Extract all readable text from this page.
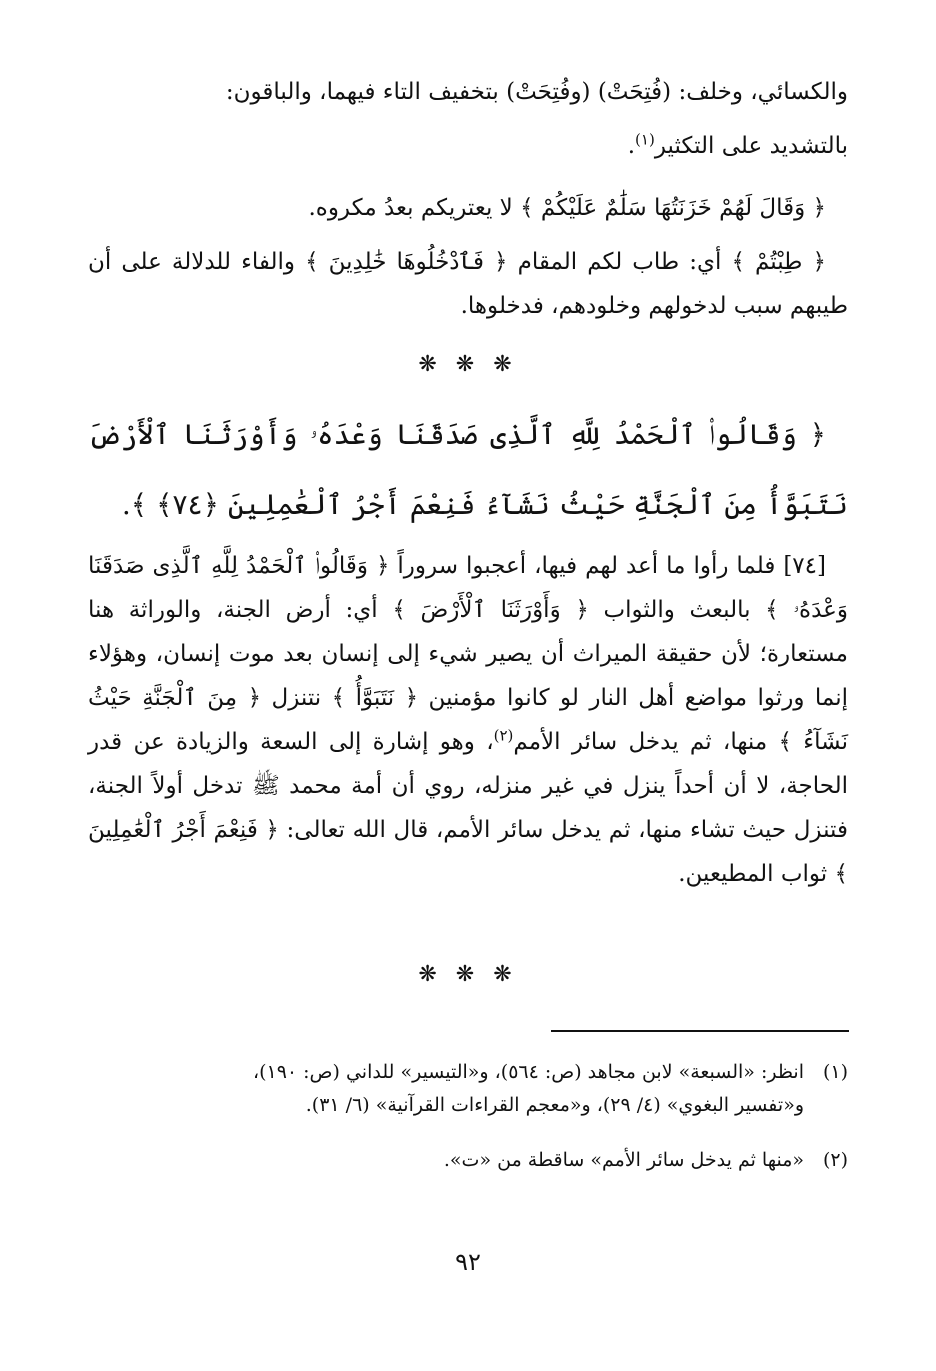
والكسائي، وخلف: (فُتِحَتْ) (وفُتِحَتْ) بتخفيف التاء فيهما، والباقون:
بالتشديد على التكثير$^{(١)}$.

﴿ وَقَالَ لَهُمْ خَزَنَتُهَا سَلَٰمٌ عَلَيْكُمْ ﴾ لا يعتريكم بعدُ مكروه.

﴿ طِبْتُمْ ﴾ أي: طاب لكم المقام ﴿ فَٱدْخُلُوهَا خَٰلِدِينَ ﴾ والفاء للدلالة على أن طيبهم سبب لدخولهم وخلودهم، فدخلوها.

❋ ❋ ❋

﴿ وَقَالُوا۟ ٱلْحَمْدُ لِلَّهِ ٱلَّذِى صَدَقَنَا وَعْدَهُۥ وَأَوْرَثَنَا ٱلْأَرْضَ نَتَبَوَّأُ مِنَ ٱلْجَنَّةِ حَيْثُ نَشَآءُ فَنِعْمَ أَجْرُ ٱلْعَٰمِلِينَ ﴿٧٤﴾ ﴾.

[٧٤] فلما رأوا ما أعد لهم فيها، أعجبوا سروراً ﴿ وَقَالُوا۟ ٱلْحَمْدُ لِلَّهِ ٱلَّذِى صَدَقَنَا وَعْدَهُۥ ﴾ بالبعث والثواب ﴿ وَأَوْرَثَنَا ٱلْأَرْضَ ﴾ أي: أرض الجنة، والوراثة هنا مستعارة؛ لأن حقيقة الميراث أن يصير شيء إلى إنسان بعد موت إنسان، وهؤلاء إنما ورثوا مواضع أهل النار لو كانوا مؤمنين ﴿ نَتَبَوَّأُ ﴾ نتنزل ﴿ مِنَ ٱلْجَنَّةِ حَيْثُ نَشَآءُ ﴾ منها، ثم يدخل سائر الأمم$^{(٢)}$، وهو إشارة إلى السعة والزيادة عن قدر الحاجة، لا أن أحداً ينزل في غير منزله، روي أن أمة محمد ﷺ تدخل أولاً الجنة، فتنزل حيث تشاء منها، ثم يدخل سائر الأمم، قال الله تعالى: ﴿ فَنِعْمَ أَجْرُ ٱلْعَٰمِلِينَ ﴾ ثواب المطيعين.

❋ ❋ ❋
(١)انظر: «السبعة» لابن مجاهد (ص: ٥٦٤)، و«التيسير» للداني (ص: ١٩٠)،
و«تفسير البغوي» (٤/ ٢٩)، و«معجم القراءات القرآنية» (٦/ ٣١).
(٢)«منها ثم يدخل سائر الأمم» ساقطة من «ت».
٩٢
